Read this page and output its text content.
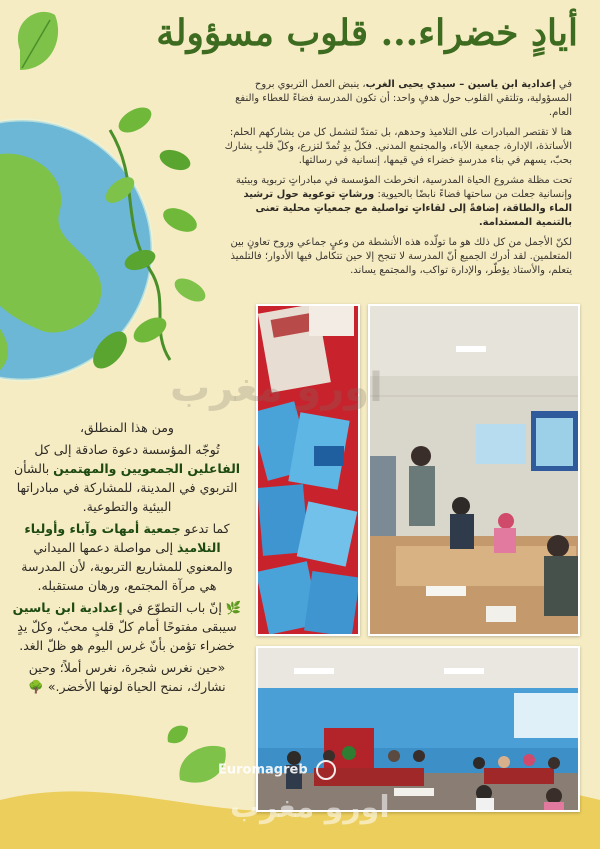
أيادٍ خضراء... قلوب مسؤولة

في إعدادية ابن ياسين – سيدي يحيى الغرب، ينبض العمل التربوي بروح المسؤولية، وتلتقي القلوب حول هدفٍ واحد: أن تكون المدرسة فضاءً للعطاء والنفع العام.

هنا لا تقتصر المبادرات على التلاميذ وحدهم، بل تمتدّ لتشمل كل من يشاركهم الحلم: الأساتذة، الإدارة، جمعية الآباء، والمجتمع المدني. فكلّ يدٍ تُمدّ لتزرع، وكلّ قلبٍ يشارك بحبّ، يسهم في بناء مدرسةٍ خضراء في قيمها، إنسانية في رسالتها.

تحت مظلة مشروع الحياة المدرسية، انخرطت المؤسسة في مبادراتٍ تربوية وبيئية وإنسانية جعلت من ساحتها فضاءً نابضًا بالحيوية: ورشاتٍ توعوية حول ترشيد الماء والطاقة، إضافةً إلى لقاءاتٍ تواصلية مع جمعياتٍ محلية تعنى بالتنمية المستدامة.

لكنّ الأجمل من كل ذلك هو ما تولّده هذه الأنشطة من وعيٍ جماعي وروح تعاونٍ بين المتعلمين. لقد أدرك الجميع أنّ المدرسة لا تنجح إلا حين تتكامل فيها الأدوار؛ فالتلميذ يتعلم، والأستاذ يؤطّر، والإدارة تواكب، والمجتمع يساند.

ومن هذا المنطلق،

تُوجّه المؤسسة دعوة صادقة إلى كل
الفاعلين الجمعويين والمهتمين بالشأن التربوي في المدينة، للمشاركة في مبادراتها البيئية والتطوعية.

كما تدعو جمعية أمهات وآباء وأولياء التلاميذ إلى مواصلة دعمها الميداني والمعنوي للمشاريع التربوية، لأن المدرسة هي مرآة المجتمع، ورهان مستقبله.

🌿 إنّ باب التطوّع في إعدادية ابن ياسين سيبقى مفتوحًا أمام كلّ قلبٍ محبّ، وكلّ يدٍ خضراء تؤمن بأنّ غرس اليوم هو ظلّ الغد.

«حين نغرس شجرة، نغرس أملاً؛ وحين نشارك، نمنح الحياة لونها الأخضر.» 🌳

اورو مغرب
Euromagreb
اورو مغرب
